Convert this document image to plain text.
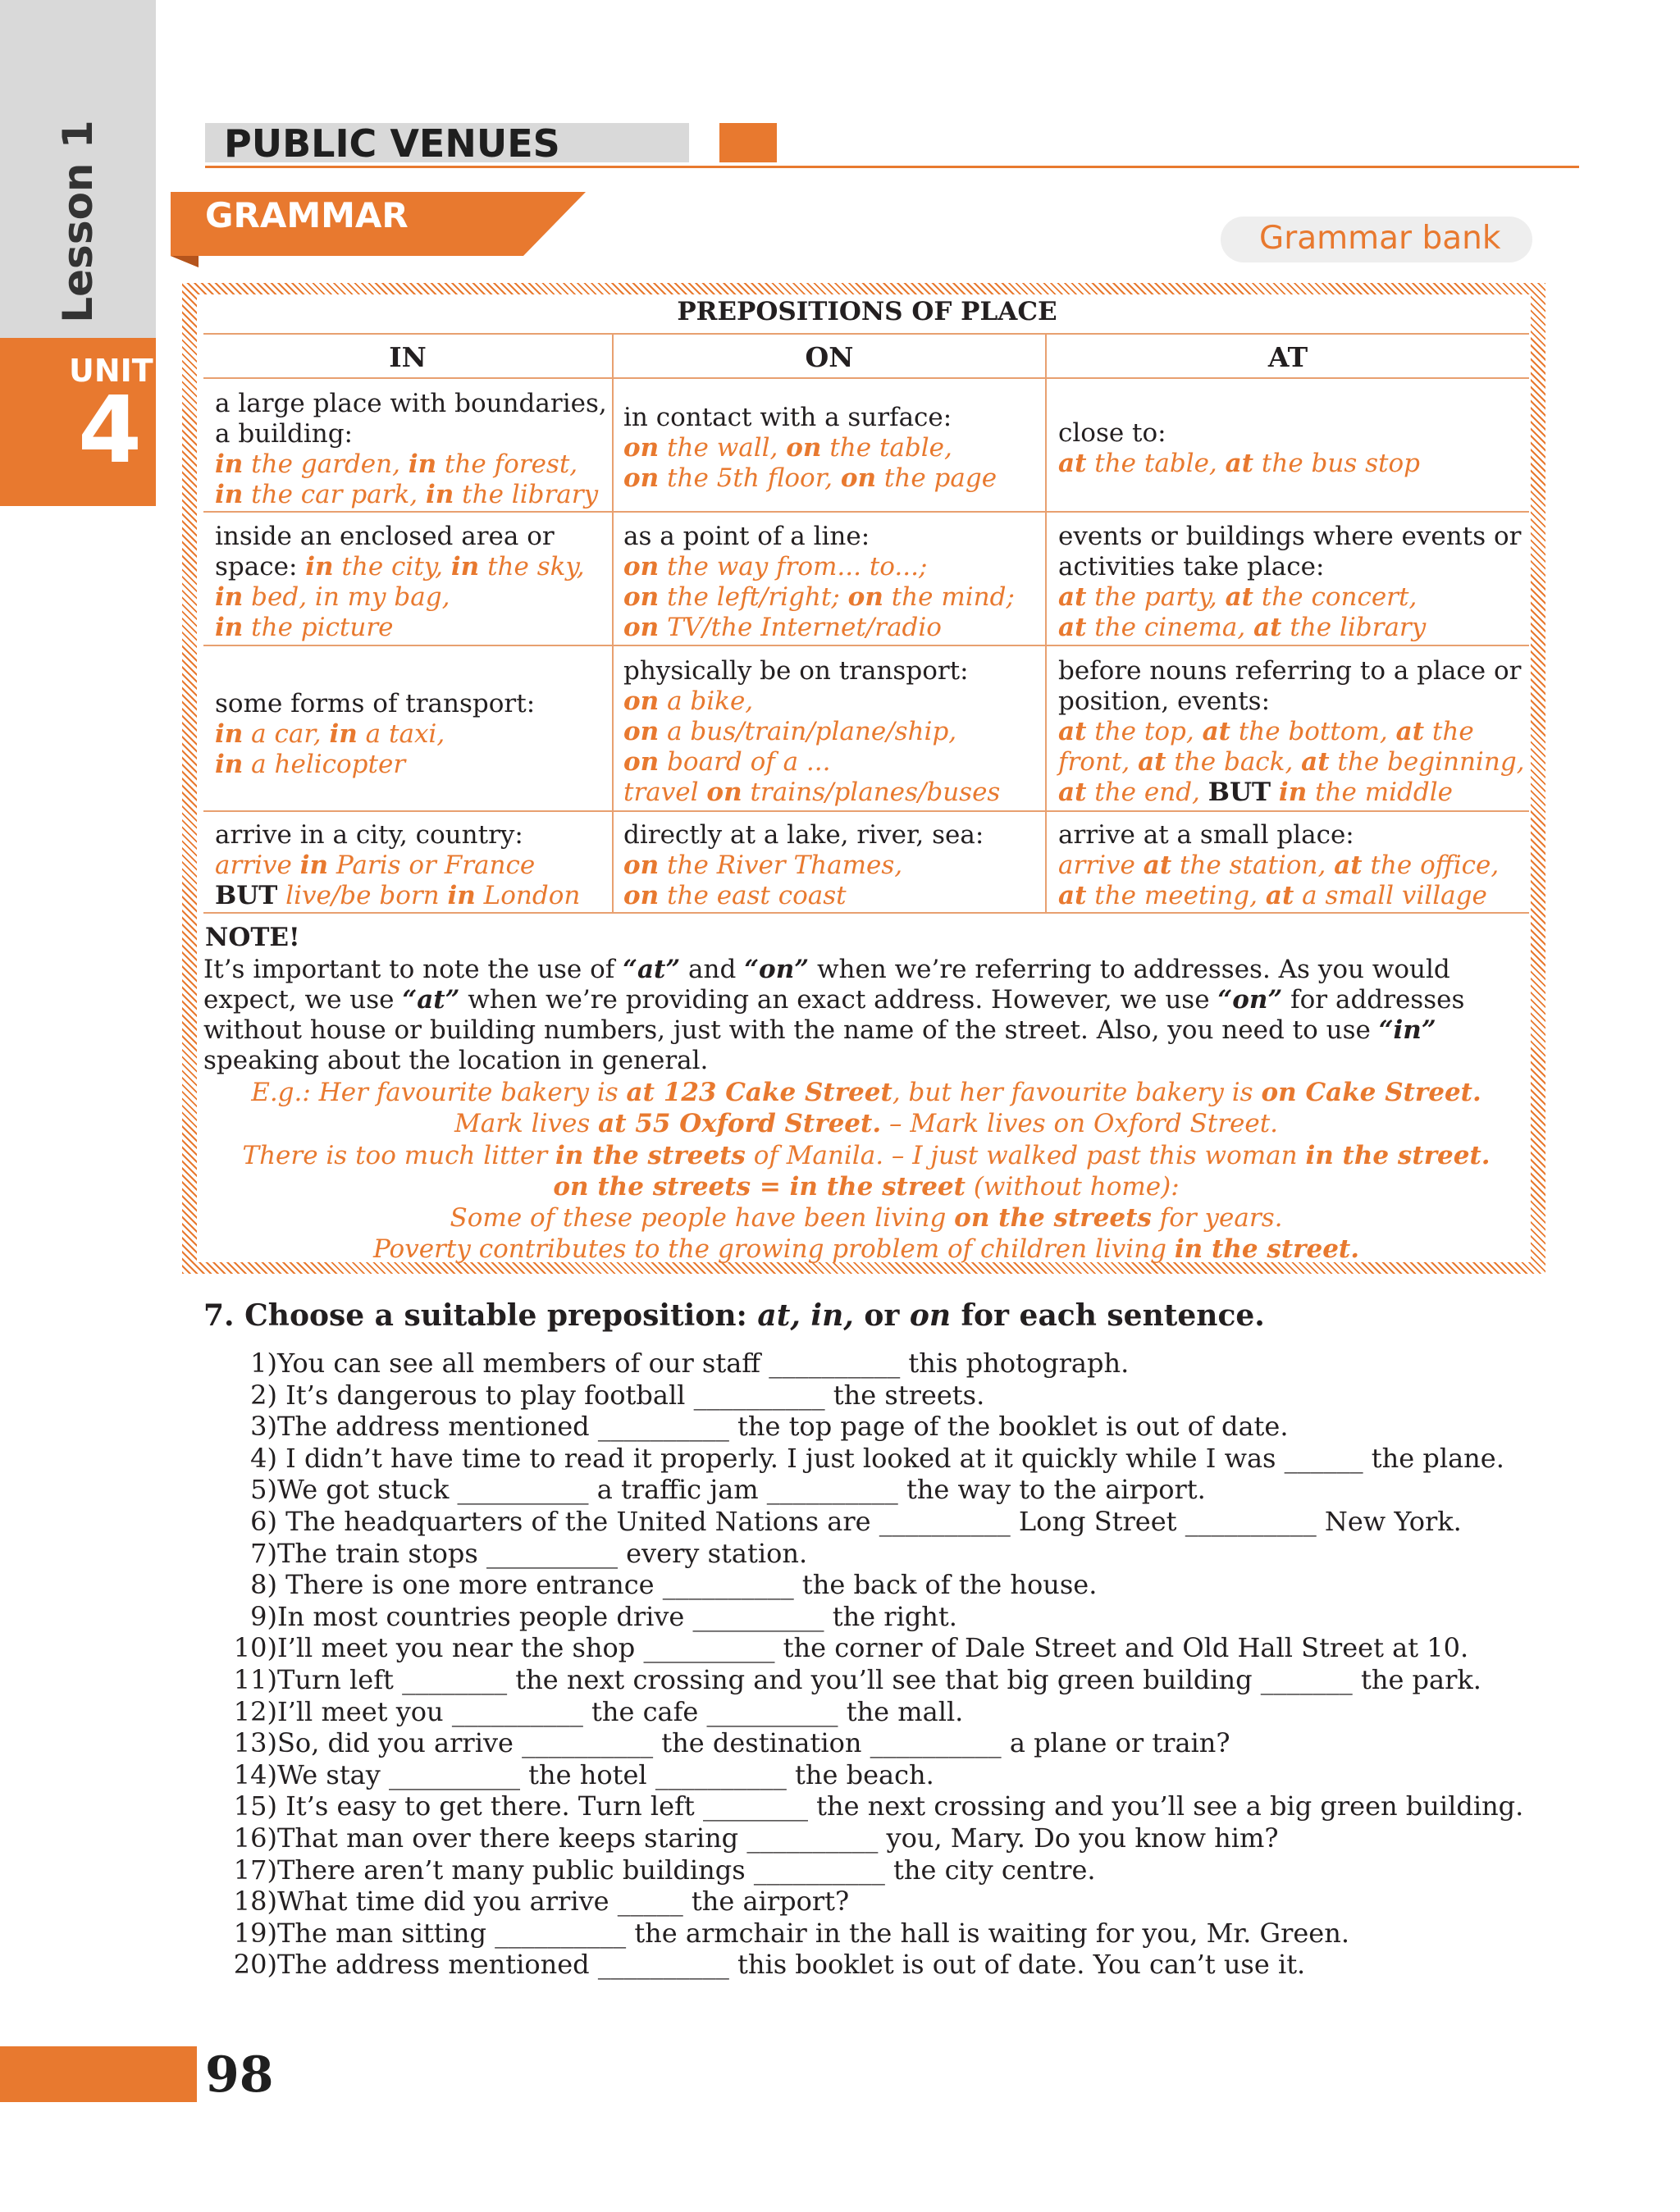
Lesson 1
UNIT
4
PUBLIC VENUES
GRAMMAR
Grammar bank
PREPOSITIONS OF PLACE
IN	ON	AT
a large place with boundaries,
a building:
in the garden, in the forest,
in the car park, in the library
in contact with a surface:
on the wall, on the table,
on the 5th floor, on the page
close to:
at the table, at the bus stop
inside an enclosed area or
space: in the city, in the sky,
in bed, in my bag,
in the picture
as a point of a line:
on the way from... to...;
on the left/right; on the mind;
on TV/the Internet/radio
events or buildings where events or
activities take place:
at the party, at the concert,
at the cinema, at the library
some forms of transport:
in a car, in a taxi,
in a helicopter
physically be on transport:
on a bike,
on a bus/train/plane/ship,
on board of a ...
travel on trains/planes/buses
before nouns referring to a place or
position, events:
at the top, at the bottom, at the
front, at the back, at the beginning,
at the end, BUT in the middle
arrive in a city, country:
arrive in Paris or France
BUT live/be born in London
directly at a lake, river, sea:
on the River Thames,
on the east coast
arrive at a small place:
arrive at the station, at the office,
at the meeting, at a small village
NOTE!
It’s important to note the use of “at” and “on” when we’re referring to addresses. As you would
expect, we use “at” when we’re providing an exact address. However, we use “on” for addresses
without house or building numbers, just with the name of the street. Also, you need to use “in”
speaking about the location in general.
E.g.: Her favourite bakery is at 123 Cake Street, but her favourite bakery is on Cake Street.
Mark lives at 55 Oxford Street. – Mark lives on Oxford Street.
There is too much litter in the streets of Manila. – I just walked past this woman in the street.
on the streets = in the street (without home):
Some of these people have been living on the streets for years.
Poverty contributes to the growing problem of children living in the street.
7. Choose a suitable preposition: at, in, or on for each sentence.
1)You can see all members of our staff __________ this photograph.
2) It’s dangerous to play football __________ the streets.
3)The address mentioned __________ the top page of the booklet is out of date.
4) I didn’t have time to read it properly. I just looked at it quickly while I was ______ the plane.
5)We got stuck __________ a traffic jam __________ the way to the airport.
6) The headquarters of the United Nations are __________ Long Street __________ New York.
7)The train stops __________ every station.
8) There is one more entrance __________ the back of the house.
9)In most countries people drive __________ the right.
10)I’ll meet you near the shop __________ the corner of Dale Street and Old Hall Street at 10.
11)Turn left ________ the next crossing and you’ll see that big green building _______ the park.
12)I’ll meet you __________ the cafe __________ the mall.
13)So, did you arrive __________ the destination __________ a plane or train?
14)We stay __________ the hotel __________ the beach.
15) It’s easy to get there. Turn left ________ the next crossing and you’ll see a big green building.
16)That man over there keeps staring __________ you, Mary. Do you know him?
17)There aren’t many public buildings __________ the city centre.
18)What time did you arrive _____ the airport?
19)The man sitting __________ the armchair in the hall is waiting for you, Mr. Green.
20)The address mentioned __________ this booklet is out of date. You can’t use it.
98
